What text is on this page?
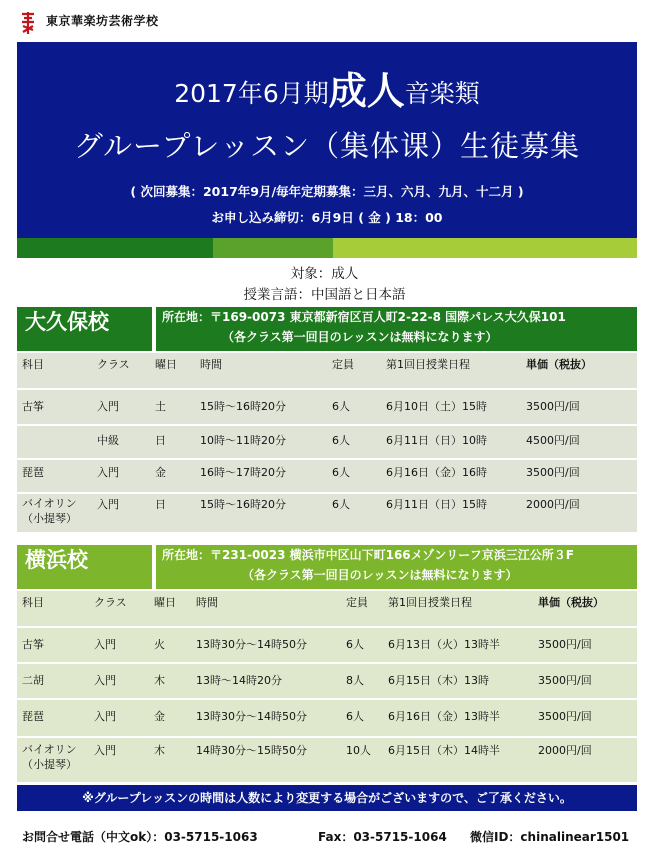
東京華楽坊芸術学校
2017年6月期成人音楽類
グループレッスン（集体课）生徒募集
( 次回募集：2017年9月/毎年定期募集：三月、六月、九月、十二月 )
お申し込み締切：6月9日 ( 金 ) 18：00
対象：成人
授業言語：中国語と日本語
大久保校	所在地：〒169-0073 東京都新宿区百人町2-22-8 国際パレス大久保101
（各クラス第一回目のレッスンは無料になります）
科目	クラス	曜日	時間	定員	第1回目授業日程	単価（税抜）
古筝	入門	土	15時～16時20分	6人	6月10日（土）15時	3500円/回
	中級	日	10時～11時20分	6人	6月11日（日）10時	4500円/回
琵琶	入門	金	16時～17時20分	6人	6月16日（金）16時	3500円/回
バイオリン
（小提琴）	入門	日	15時～16時20分	6人	6月11日（日）15時	2000円/回
横浜校	所在地：〒231-0023 横浜市中区山下町166メゾンリーフ京浜三江公所３F
（各クラス第一回目のレッスンは無料になります）
科目	クラス	曜日	時間	定員	第1回目授業日程	単価（税抜）
古筝	入門	火	13時30分～14時50分	6人	6月13日（火）13時半	3500円/回
二胡	入門	木	13時～14時20分	8人	6月15日（木）13時	3500円/回
琵琶	入門	金	13時30分～14時50分	6人	6月16日（金）13時半	3500円/回
バイオリン
（小提琴）	入門	木	14時30分～15時50分	10人	6月15日（木）14時半	2000円/回
※グループレッスンの時間は人数により変更する場合がございますので、ご了承ください。
お問合せ電話（中文ok）：03-5715-1063	Fax：03-5715-1064 微信ID：chinalinear1501
